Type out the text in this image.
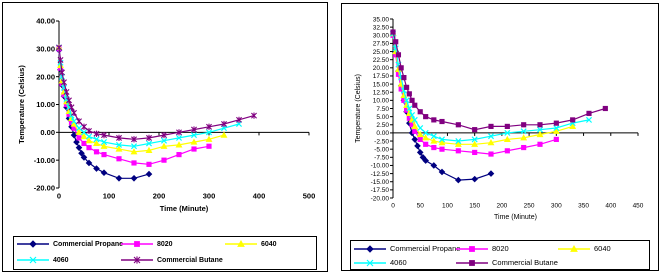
-20.00
-10.00
0.00
10.00
20.00
30.00
40.00
0	100	200	300	400	500
Time (Minute)
Temperature (Celsius)
Commercial Propane	8020	6040
4060	Commercial Butane
-20.00
-17.50
-15.00
-12.50
-10.00
-7.50
-5.00
-2.50
0.00
2.50
5.00
7.50
10.00
12.50
15.00
17.50
20.00
22.50
25.00
27.50
30.00
32.50
35.00
0	50	100	150	200	250	300	350	400	450
Time (Minute)
Temperature (Celsius)
Commercial Propane	8020	6040
4060	Commercial Butane
